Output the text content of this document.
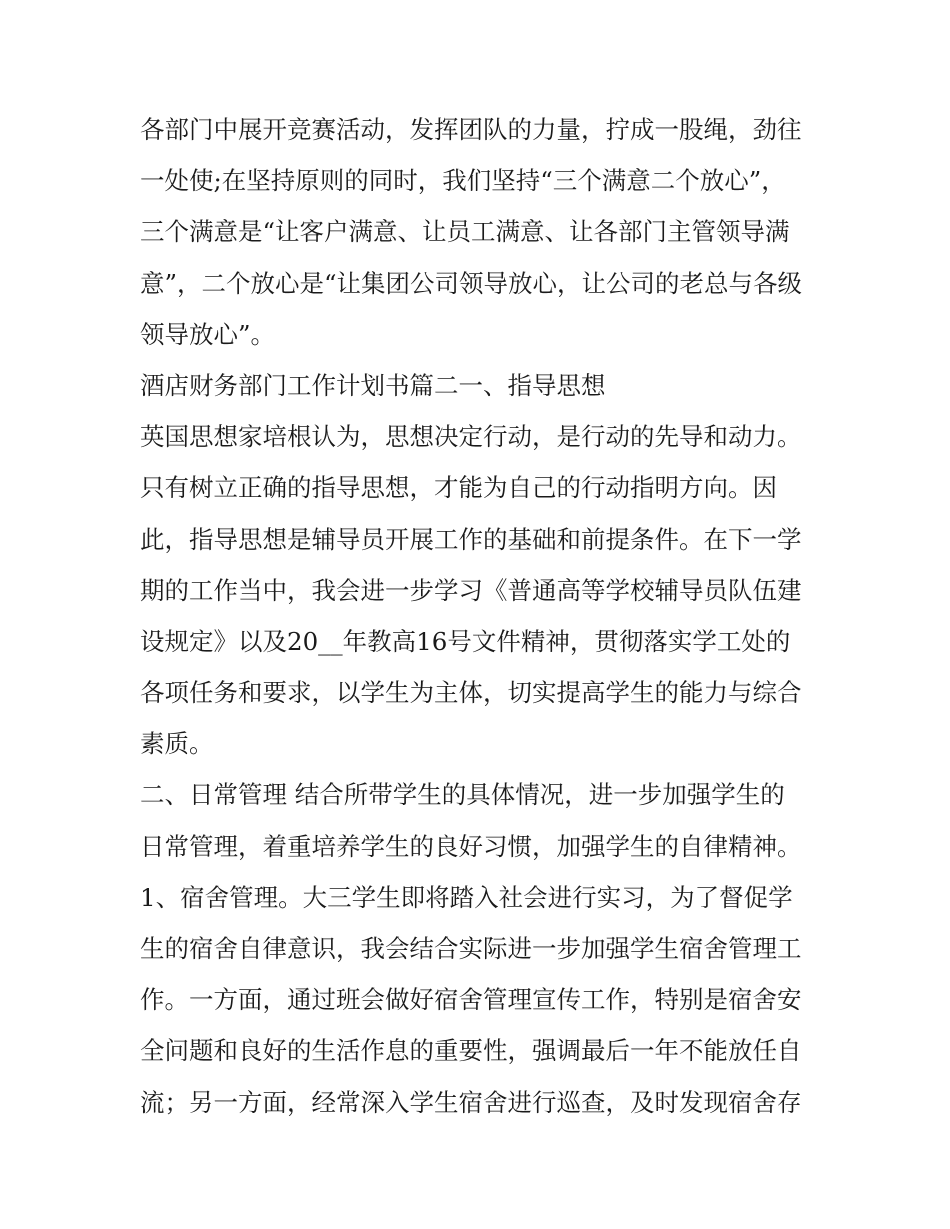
各部门中展开竞赛活动，发挥团队的力量，拧成一股绳，劲往
一处使;在坚持原则的同时，我们坚持“三个满意二个放心”，
三个满意是“让客户满意、让员工满意、让各部门主管领导满
意”，二个放心是“让集团公司领导放心，让公司的老总与各级
领导放心”。
酒店财务部门工作计划书篇二一、指导思想
英国思想家培根认为，思想决定行动，是行动的先导和动力。
只有树立正确的指导思想，才能为自己的行动指明方向。因
此，指导思想是辅导员开展工作的基础和前提条件。在下一学
期的工作当中，我会进一步学习《普通高等学校辅导员队伍建
设规定》以及20__年教高16号文件精神，贯彻落实学工处的
各项任务和要求，以学生为主体，切实提高学生的能力与综合
素质。
二、日常管理 结合所带学生的具体情况，进一步加强学生的
日常管理，着重培养学生的良好习惯，加强学生的自律精神。
1、宿舍管理。大三学生即将踏入社会进行实习，为了督促学
生的宿舍自律意识，我会结合实际进一步加强学生宿舍管理工
作。一方面，通过班会做好宿舍管理宣传工作，特别是宿舍安
全问题和良好的生活作息的重要性，强调最后一年不能放任自
流；另一方面，经常深入学生宿舍进行巡查，及时发现宿舍存
